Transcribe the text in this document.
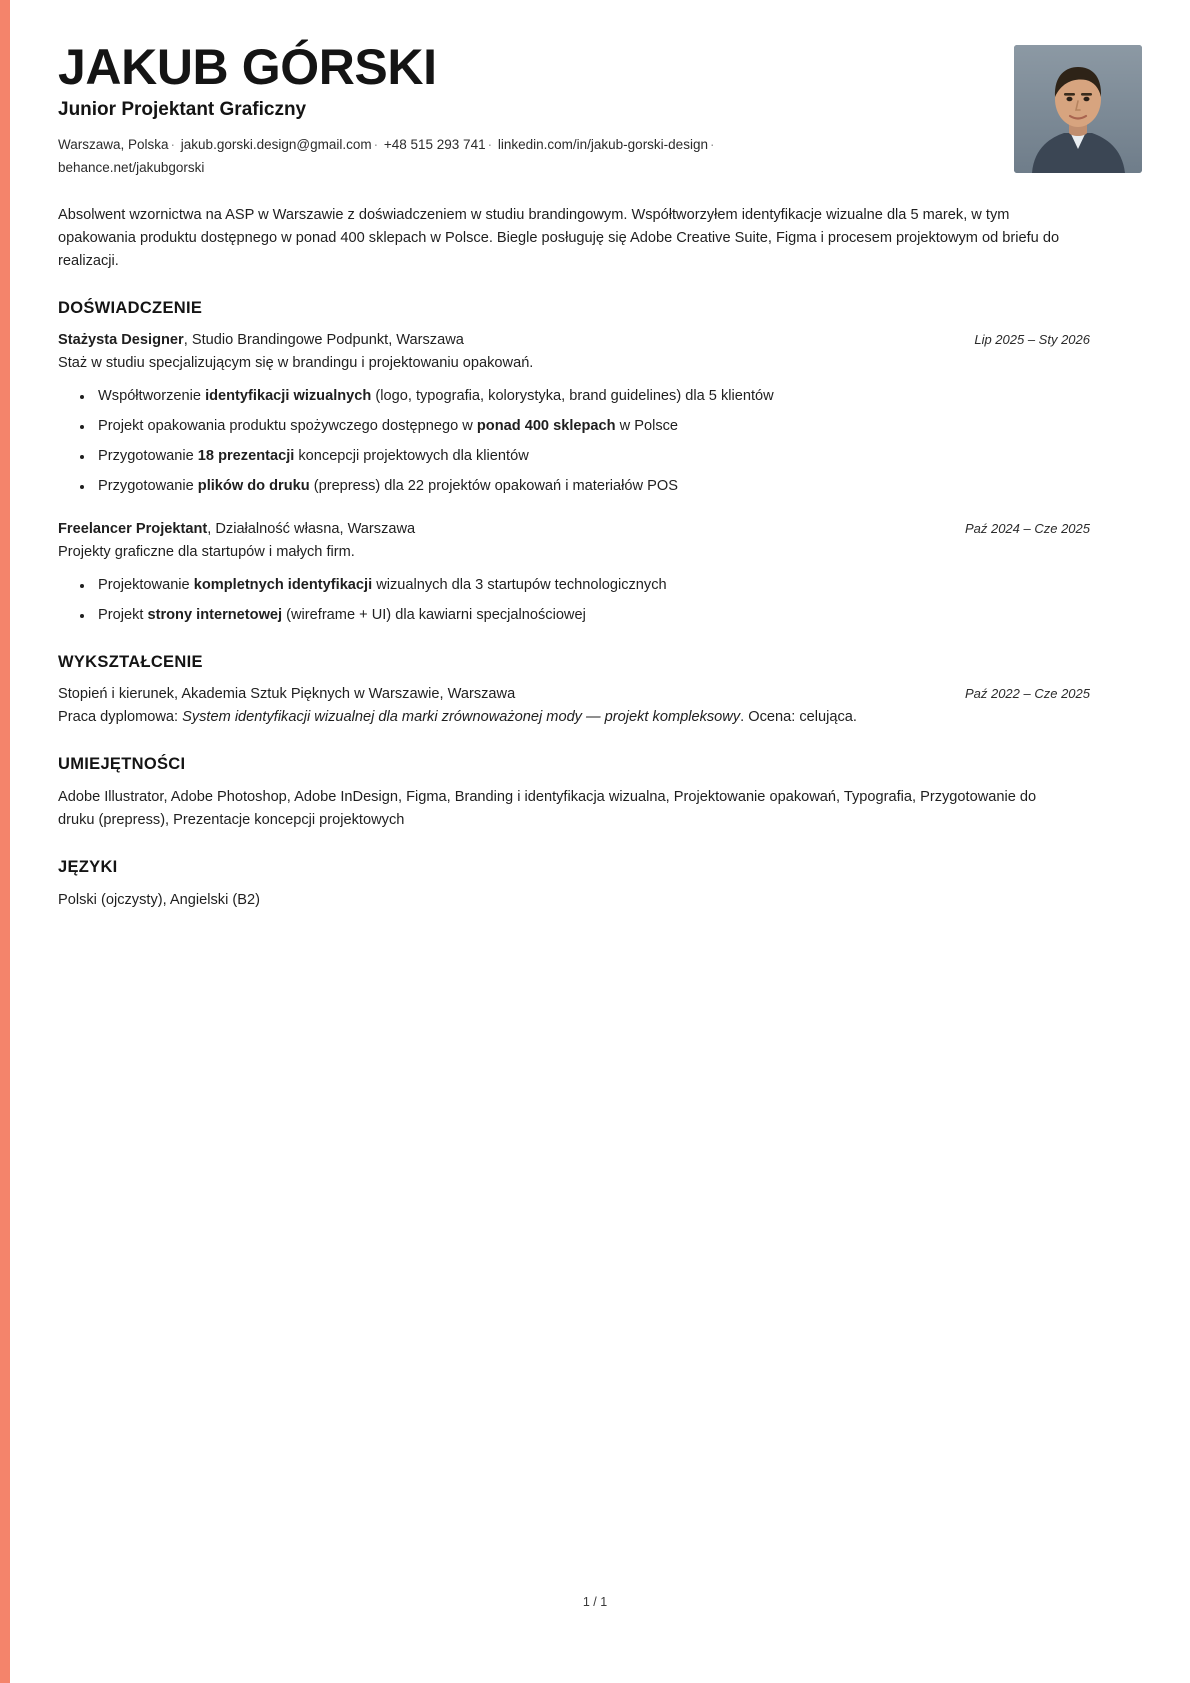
JAKUB GÓRSKI
Junior Projektant Graficzny
Warszawa, Polska · jakub.gorski.design@gmail.com · +48 515 293 741 · linkedin.com/in/jakub-gorski-design · behance.net/jakubgorski
Absolwent wzornictwa na ASP w Warszawie z doświadczeniem w studiu brandingowym. Współtworzyłem identyfikacje wizualne dla 5 marek, w tym opakowania produktu dostępnego w ponad 400 sklepach w Polsce. Biegle posługuję się Adobe Creative Suite, Figma i procesem projektowym od briefu do realizacji.
DOŚWIADCZENIE
Stażysta Designer, Studio Brandingowe Podpunkt, Warszawa	Lip 2025 – Sty 2026
Staż w studiu specjalizującym się w brandingu i projektowaniu opakowań.
Współtworzenie identyfikacji wizualnych (logo, typografia, kolorystyka, brand guidelines) dla 5 klientów
Projekt opakowania produktu spożywczego dostępnego w ponad 400 sklepach w Polsce
Przygotowanie 18 prezentacji koncepcji projektowych dla klientów
Przygotowanie plików do druku (prepress) dla 22 projektów opakowań i materiałów POS
Freelancer Projektant, Działalność własna, Warszawa	Paź 2024 – Cze 2025
Projekty graficzne dla startupów i małych firm.
Projektowanie kompletnych identyfikacji wizualnych dla 3 startupów technologicznych
Projekt strony internetowej (wireframe + UI) dla kawiarni specjalnościowej
WYKSZTAŁCENIE
Stopień i kierunek, Akademia Sztuk Pięknych w Warszawie, Warszawa	Paź 2022 – Cze 2025
Praca dyplomowa: System identyfikacji wizualnej dla marki zrównoważonej mody — projekt kompleksowy. Ocena: celująca.
UMIEJĘTNOŚCI
Adobe Illustrator, Adobe Photoshop, Adobe InDesign, Figma, Branding i identyfikacja wizualna, Projektowanie opakowań, Typografia, Przygotowanie do druku (prepress), Prezentacje koncepcji projektowych
JĘZYKI
Polski (ojczysty), Angielski (B2)
1 / 1
